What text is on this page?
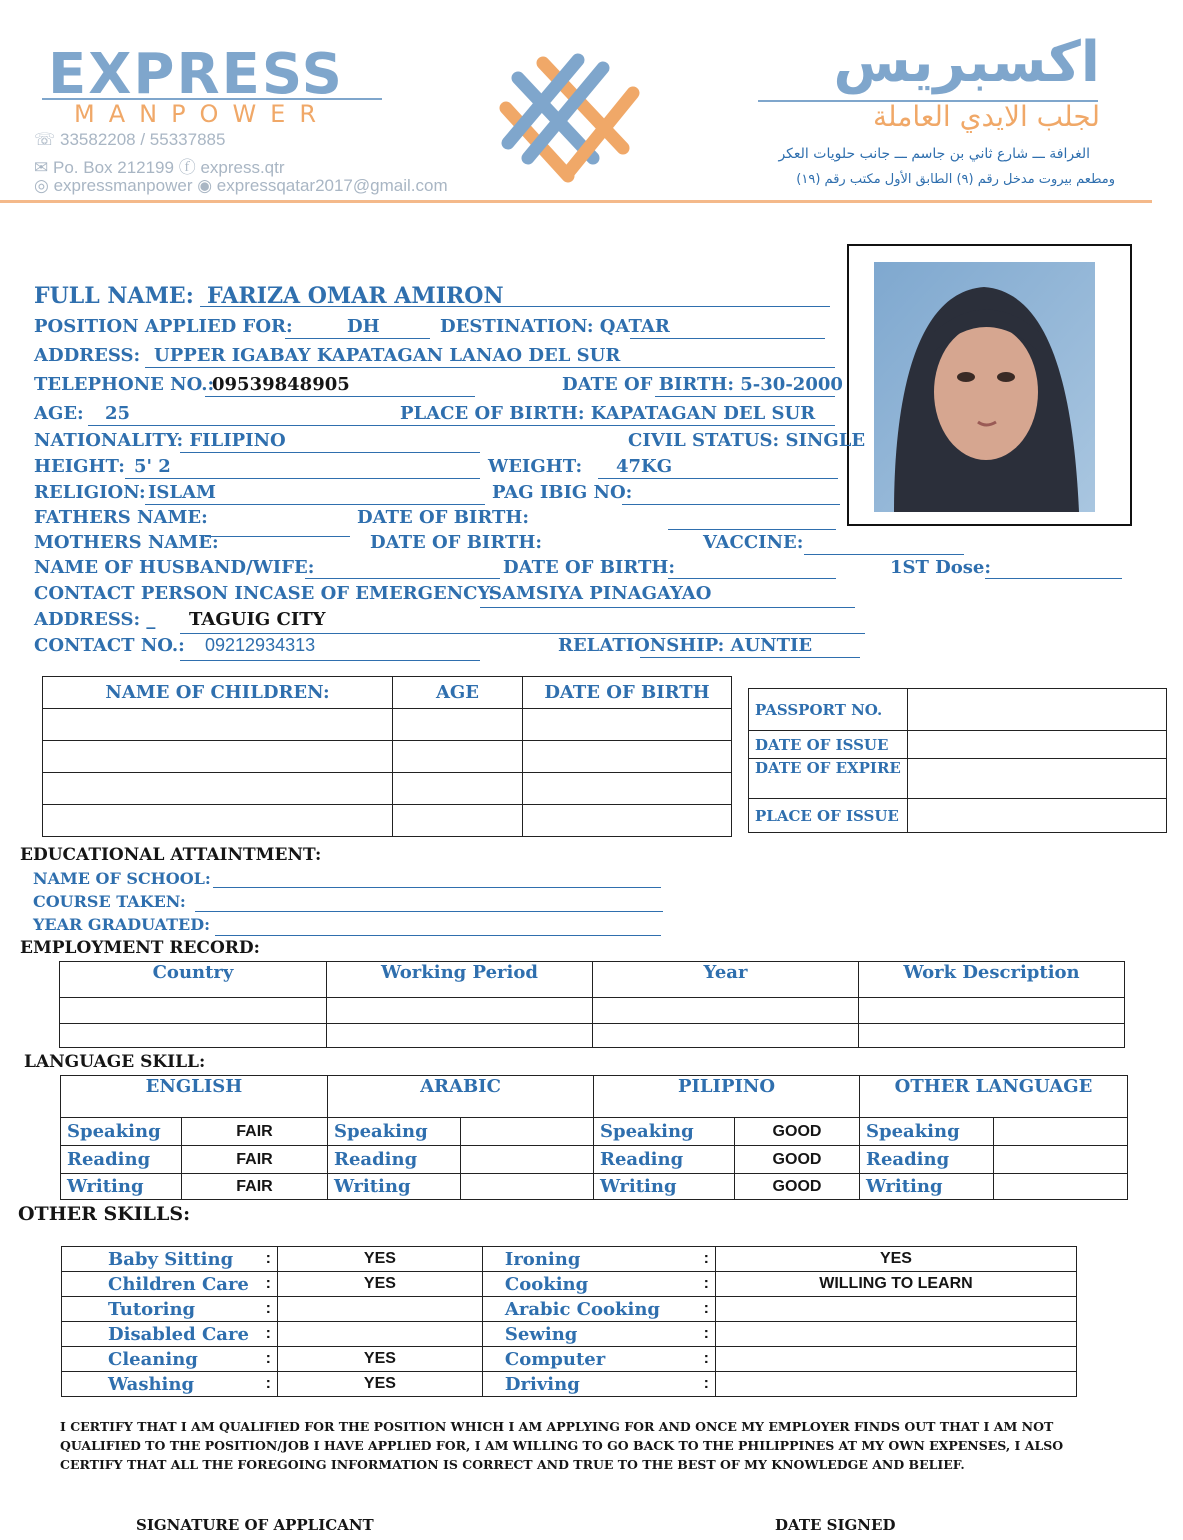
EXPRESS
MANPOWER
☏ 33582208 / 55337885
✉ Po. Box 212199 ⓕ express.qtr
◎ expressmanpower ◉ expressqatar2017@gmail.com
اكسبريس
لجلب الايدي العاملة
الغرافة ـــ شارع ثاني بن جاسم ـــ جانب حلويات العكر
ومطعم بيروت مدخل رقم (٩) الطابق الأول مكتب رقم (١٩)
FULL NAME: FARIZA OMAR AMIRON
POSITION APPLIED FOR:	DH	DESTINATION: QATAR
ADDRESS: UPPER IGABAY KAPATAGAN LANAO DEL SUR
TELEPHONE NO.:
09539848905	DATE OF BIRTH: 5-30-2000
AGE: 25	PLACE OF BIRTH: KAPATAGAN DEL SUR
NATIONALITY: FILIPINO	CIVIL STATUS: SINGLE
HEIGHT: 5' 2	WEIGHT: 47KG
RELIGION: ISLAM	PAG IBIG NO:
FATHERS NAME:	DATE OF BIRTH:
MOTHERS NAME:	DATE OF BIRTH:	VACCINE:
NAME OF HUSBAND/WIFE:	DATE OF BIRTH:	1ST Dose:
CONTACT PERSON INCASE OF EMERGENCY:
SAMSIYA PINAGAYAO
ADDRESS: _ TAGUIG CITY
CONTACT NO.: 09212934313	RELATIONSHIP: AUNTIE
NAME OF CHILDREN:	AGE	DATE OF BIRTH

PASSPORT NO.	
DATE OF ISSUE	
DATE OF EXPIRE	
PLACE OF ISSUE	
EDUCATIONAL ATTAINTMENT:
NAME OF SCHOOL:
COURSE TAKEN:
YEAR GRADUATED:
EMPLOYMENT RECORD:
Country	Working Period	Year	Work Description

LANGUAGE SKILL:
ENGLISH		ARABIC		PILIPINO		OTHER LANGUAGE	
Speaking	FAIR	Speaking		Speaking	GOOD	Speaking	
Reading	FAIR	Reading		Reading	GOOD	Reading	
Writing	FAIR	Writing		Writing	GOOD	Writing	
OTHER SKILLS:
Baby Sitting	:	YES	Ironing	:	YES
Children Care	:	YES	Cooking	:	WILLING TO LEARN
Tutoring	:		Arabic Cooking	:	
Disabled Care	:		Sewing	:	
Cleaning	:	YES	Computer	:	
Washing	:	YES	Driving	:	
I CERTIFY THAT I AM QUALIFIED FOR THE POSITION WHICH I AM APPLYING FOR AND ONCE MY EMPLOYER FINDS OUT THAT I AM NOT
QUALIFIED TO THE POSITION/JOB I HAVE APPLIED FOR, I AM WILLING TO GO BACK TO THE PHILIPPINES AT MY OWN EXPENSES, I ALSO
CERTIFY THAT ALL THE FOREGOING INFORMATION IS CORRECT AND TRUE TO THE BEST OF MY KNOWLEDGE AND BELIEF.
SIGNATURE OF APPLICANT	DATE SIGNED
